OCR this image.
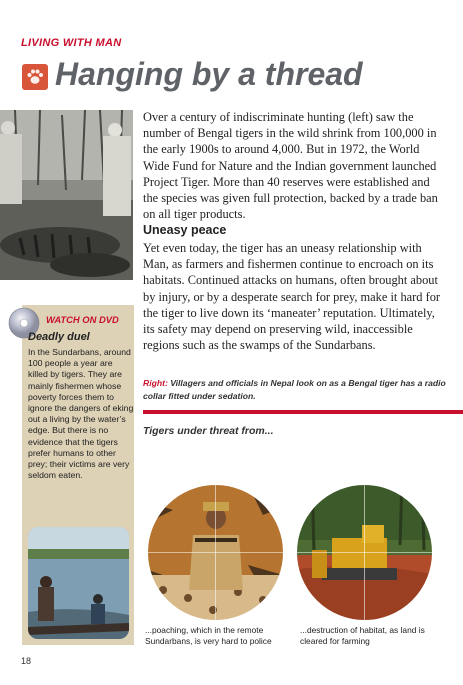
LIVING WITH MAN
Hanging by a thread
Over a century of indiscriminate hunting (left) saw the number of Bengal tigers in the wild shrink from 100,000 in the early 1900s to around 4,000. But in 1972, the World Wide Fund for Nature and the Indian government launched Project Tiger. More than 40 reserves were established and the species was given full protection, backed by a trade ban on all tiger products.
Uneasy peace
Yet even today, the tiger has an uneasy relationship with Man, as farmers and fishermen continue to encroach on its habitats. Continued attacks on humans, often brought about by injury, or by a desperate search for prey, make it hard for the tiger to live down its ‘maneater’ reputation. Ultimately, its safety may depend on preserving wild, inaccessible regions such as the swamps of the Sundarbans.
Right: Villagers and officials in Nepal look on as a Bengal tiger has a radio collar fitted under sedation.
Tigers under threat from...
WATCH ON DVD
Deadly duel
In the Sundarbans, around 100 people a year are killed by tigers. They are mainly fishermen whose poverty forces them to ignore the dangers of eking out a living by the water’s edge. But there is no evidence that the tigers prefer humans to other prey; their victims are very seldom eaten.
...poaching, which in the remote Sundarbans, is very hard to police
...destruction of habitat, as land is cleared for farming
18
